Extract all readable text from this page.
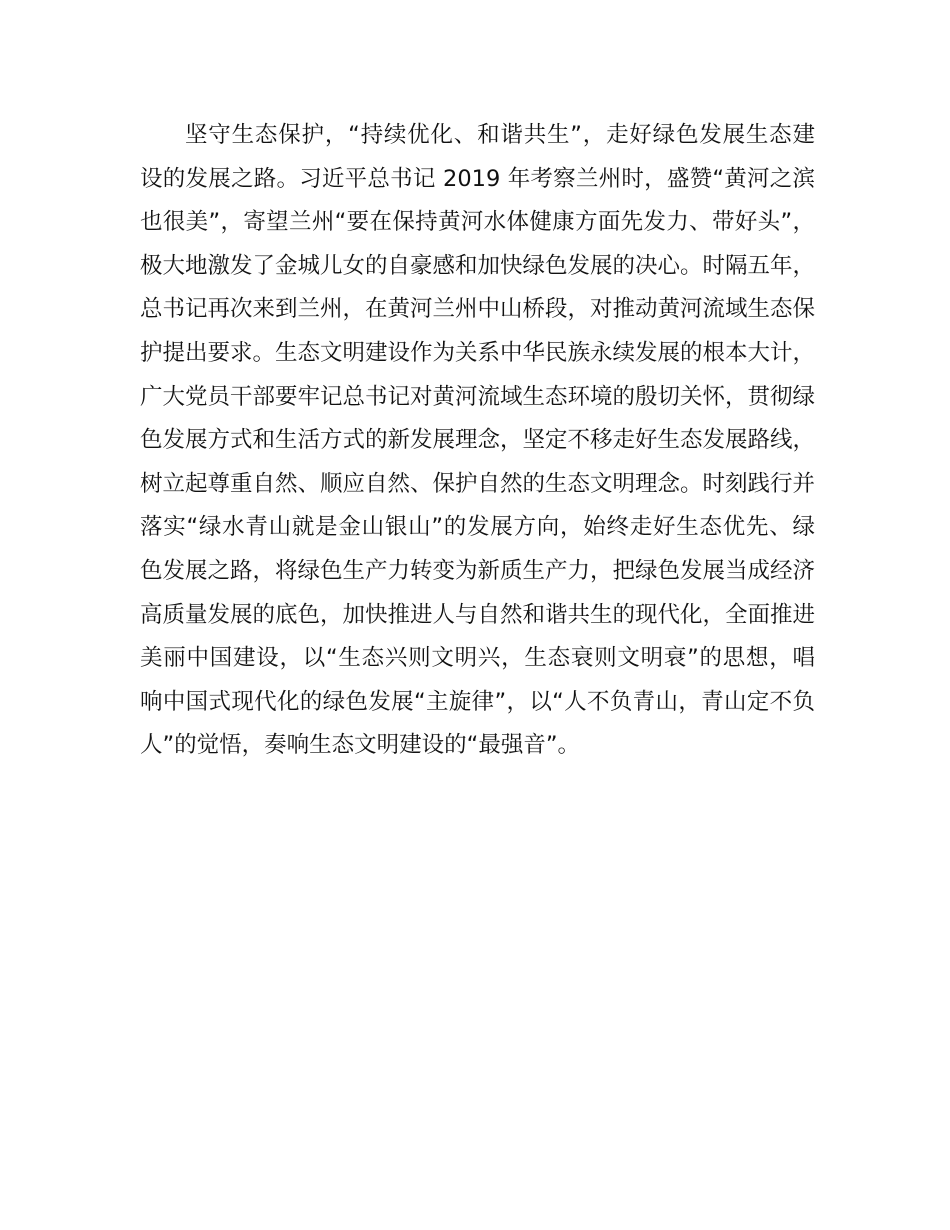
坚守生态保护，“持续优化、和谐共生”，走好绿色发展生态建设的发展之路。习近平总书记 2019 年考察兰州时，盛赞“黄河之滨也很美”，寄望兰州“要在保持黄河水体健康方面先发力、带好头”，极大地激发了金城儿女的自豪感和加快绿色发展的决心。时隔五年，总书记再次来到兰州，在黄河兰州中山桥段，对推动黄河流域生态保护提出要求。生态文明建设作为关系中华民族永续发展的根本大计，广大党员干部要牢记总书记对黄河流域生态环境的殷切关怀，贯彻绿色发展方式和生活方式的新发展理念，坚定不移走好生态发展路线，树立起尊重自然、顺应自然、保护自然的生态文明理念。时刻践行并落实“绿水青山就是金山银山”的发展方向，始终走好生态优先、绿色发展之路，将绿色生产力转变为新质生产力，把绿色发展当成经济高质量发展的底色，加快推进人与自然和谐共生的现代化，全面推进美丽中国建设，以“生态兴则文明兴，生态衰则文明衰”的思想，唱响中国式现代化的绿色发展“主旋律”，以“人不负青山，青山定不负人”的觉悟，奏响生态文明建设的“最强音”。
